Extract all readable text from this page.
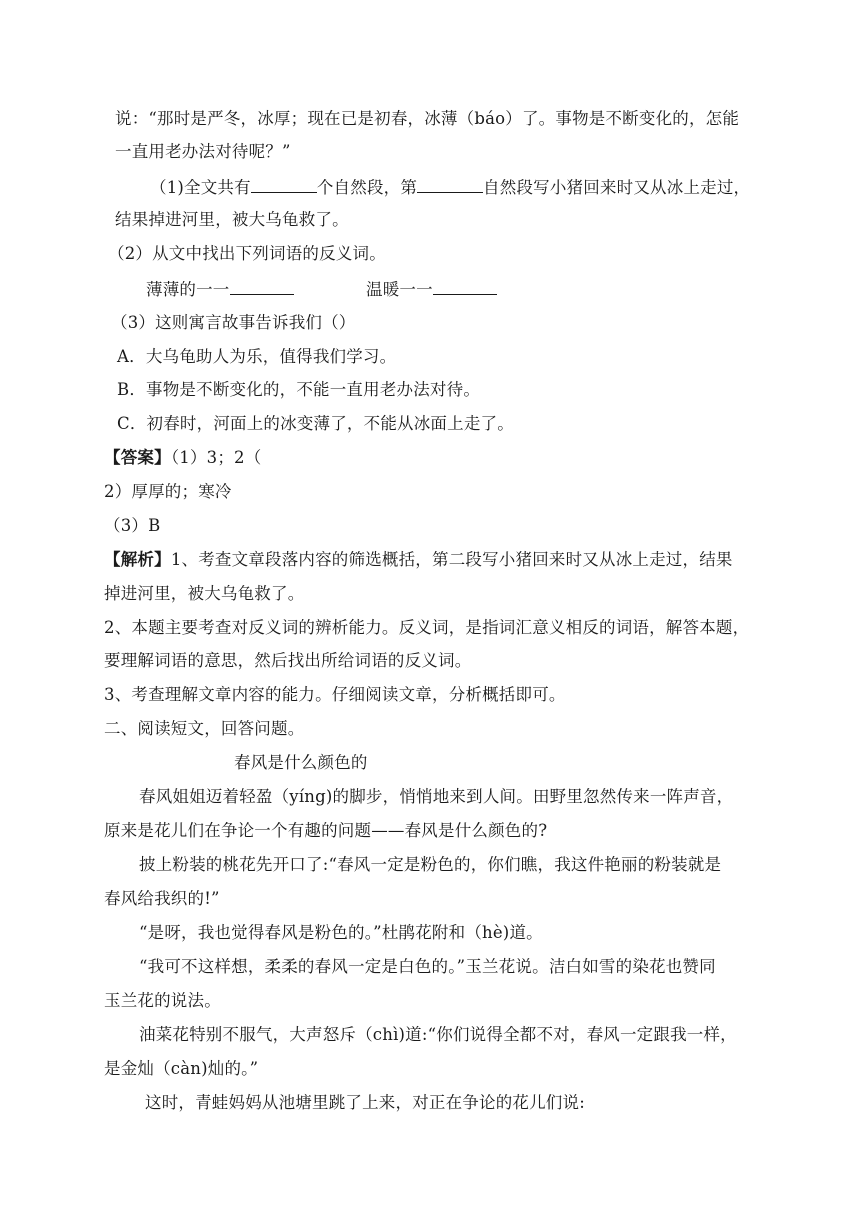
说：“那时是严冬，冰厚；现在已是初春，冰薄（báo）了。事物是不断变化的，怎能
一直用老办法对待呢？”
（1)全文共有	个自然段，第	自然段写小猪回来时又从冰上走过，
结果掉进河里，被大乌龟救了。
（2）从文中找出下列词语的反义词。
薄薄的一一	温暖一一
（3）这则寓言故事告诉我们（）
A．大乌龟助人为乐，值得我们学习。
B．事物是不断变化的，不能一直用老办法对待。
C．初春时，河面上的冰变薄了，不能从冰面上走了。
【答案】（1）3；2（
2）厚厚的；寒冷
（3）B
【解析】1、考查文章段落内容的筛选概括，第二段写小猪回来时又从冰上走过，结果
掉进河里，被大乌龟救了。
2、本题主要考查对反义词的辨析能力。反义词，是指词汇意义相反的词语，解答本题，
要理解词语的意思，然后找出所给词语的反义词。
3、考查理解文章内容的能力。仔细阅读文章，分析概括即可。
二、阅读短文，回答问题。
春风是什么颜色的
春风姐姐迈着轻盈（yíng)的脚步，悄悄地来到人间。田野里忽然传来一阵声音，
原来是花儿们在争论一个有趣的问题——春风是什么颜色的?
披上粉装的桃花先开口了:“春风一定是粉色的，你们瞧，我这件艳丽的粉装就是
春风给我织的!”
“是呀，我也觉得春风是粉色的。”杜鹃花附和（hè)道。
“我可不这样想，柔柔的春风一定是白色的。”玉兰花说。洁白如雪的染花也赞同
玉兰花的说法。
油菜花特别不服气，大声怒斥（chì)道:“你们说得全都不对，春风一定跟我一样，
是金灿（càn)灿的。”
这时，青蛙妈妈从池塘里跳了上来，对正在争论的花儿们说:
